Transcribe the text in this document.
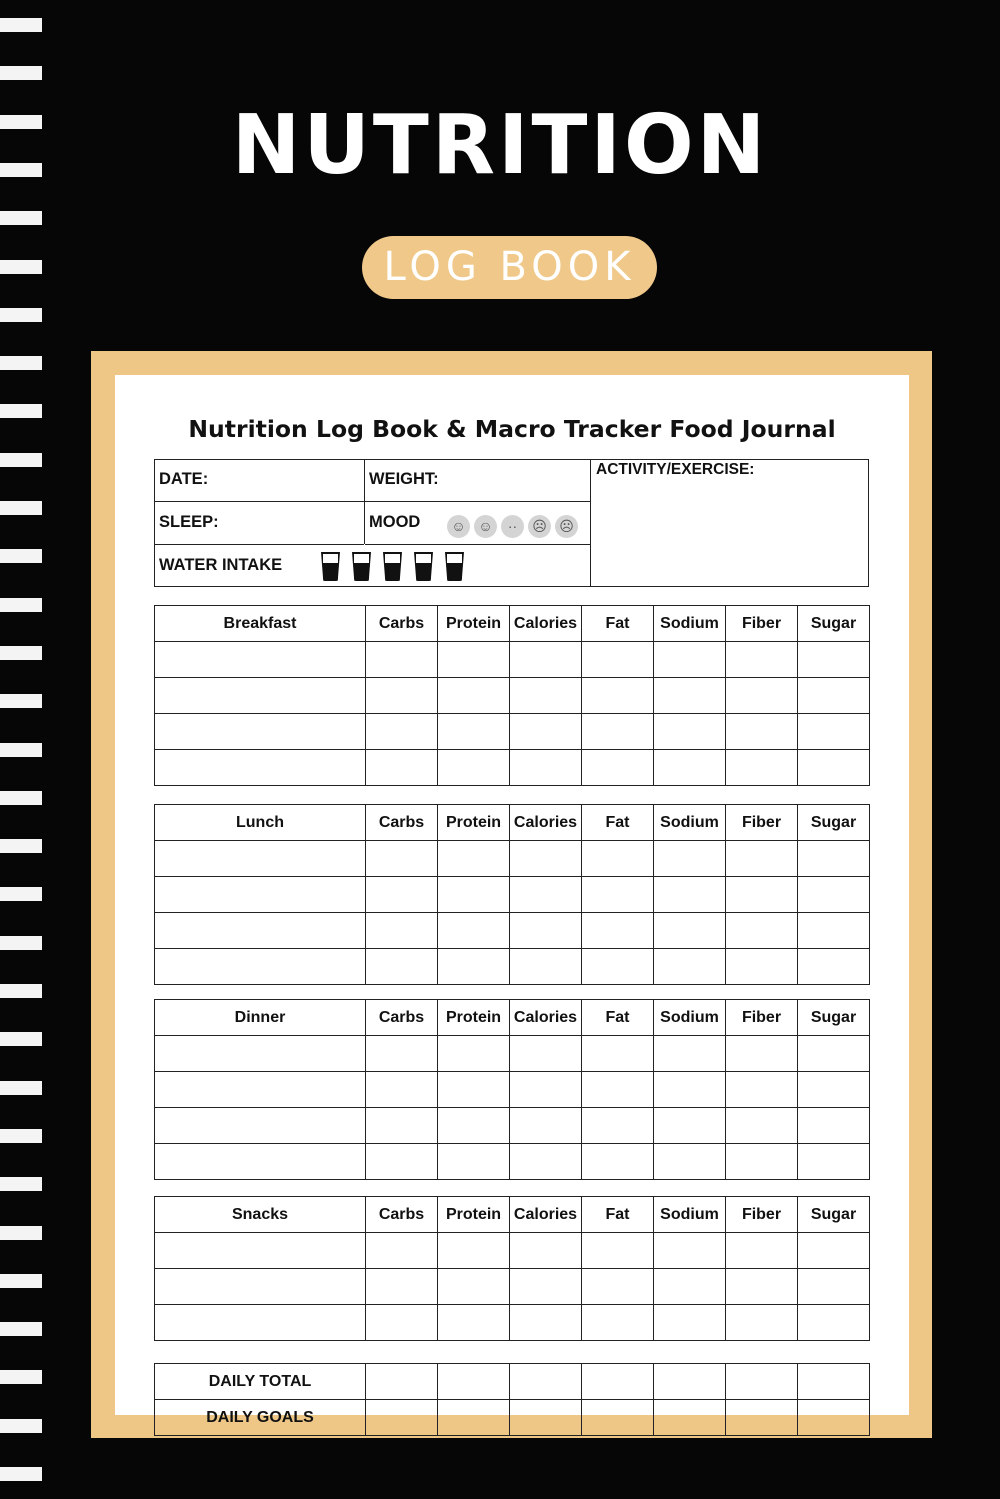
NUTRITION
LOG BOOK
Nutrition Log Book & Macro Tracker Food Journal
DATE:	WEIGHT:
ACTIVITY/EXERCISE:
SLEEP:	MOOD	☺ ☺	··	☹ ☹
WATER INTAKE
Breakfast	Carbs	Protein	Calories	Fat	Sodium	Fiber	Sugar

Lunch	Carbs	Protein	Calories	Fat	Sodium	Fiber	Sugar

Dinner	Carbs	Protein	Calories	Fat	Sodium	Fiber	Sugar

Snacks	Carbs	Protein	Calories	Fat	Sodium	Fiber	Sugar

DAILY TOTAL							
DAILY GOALS							
